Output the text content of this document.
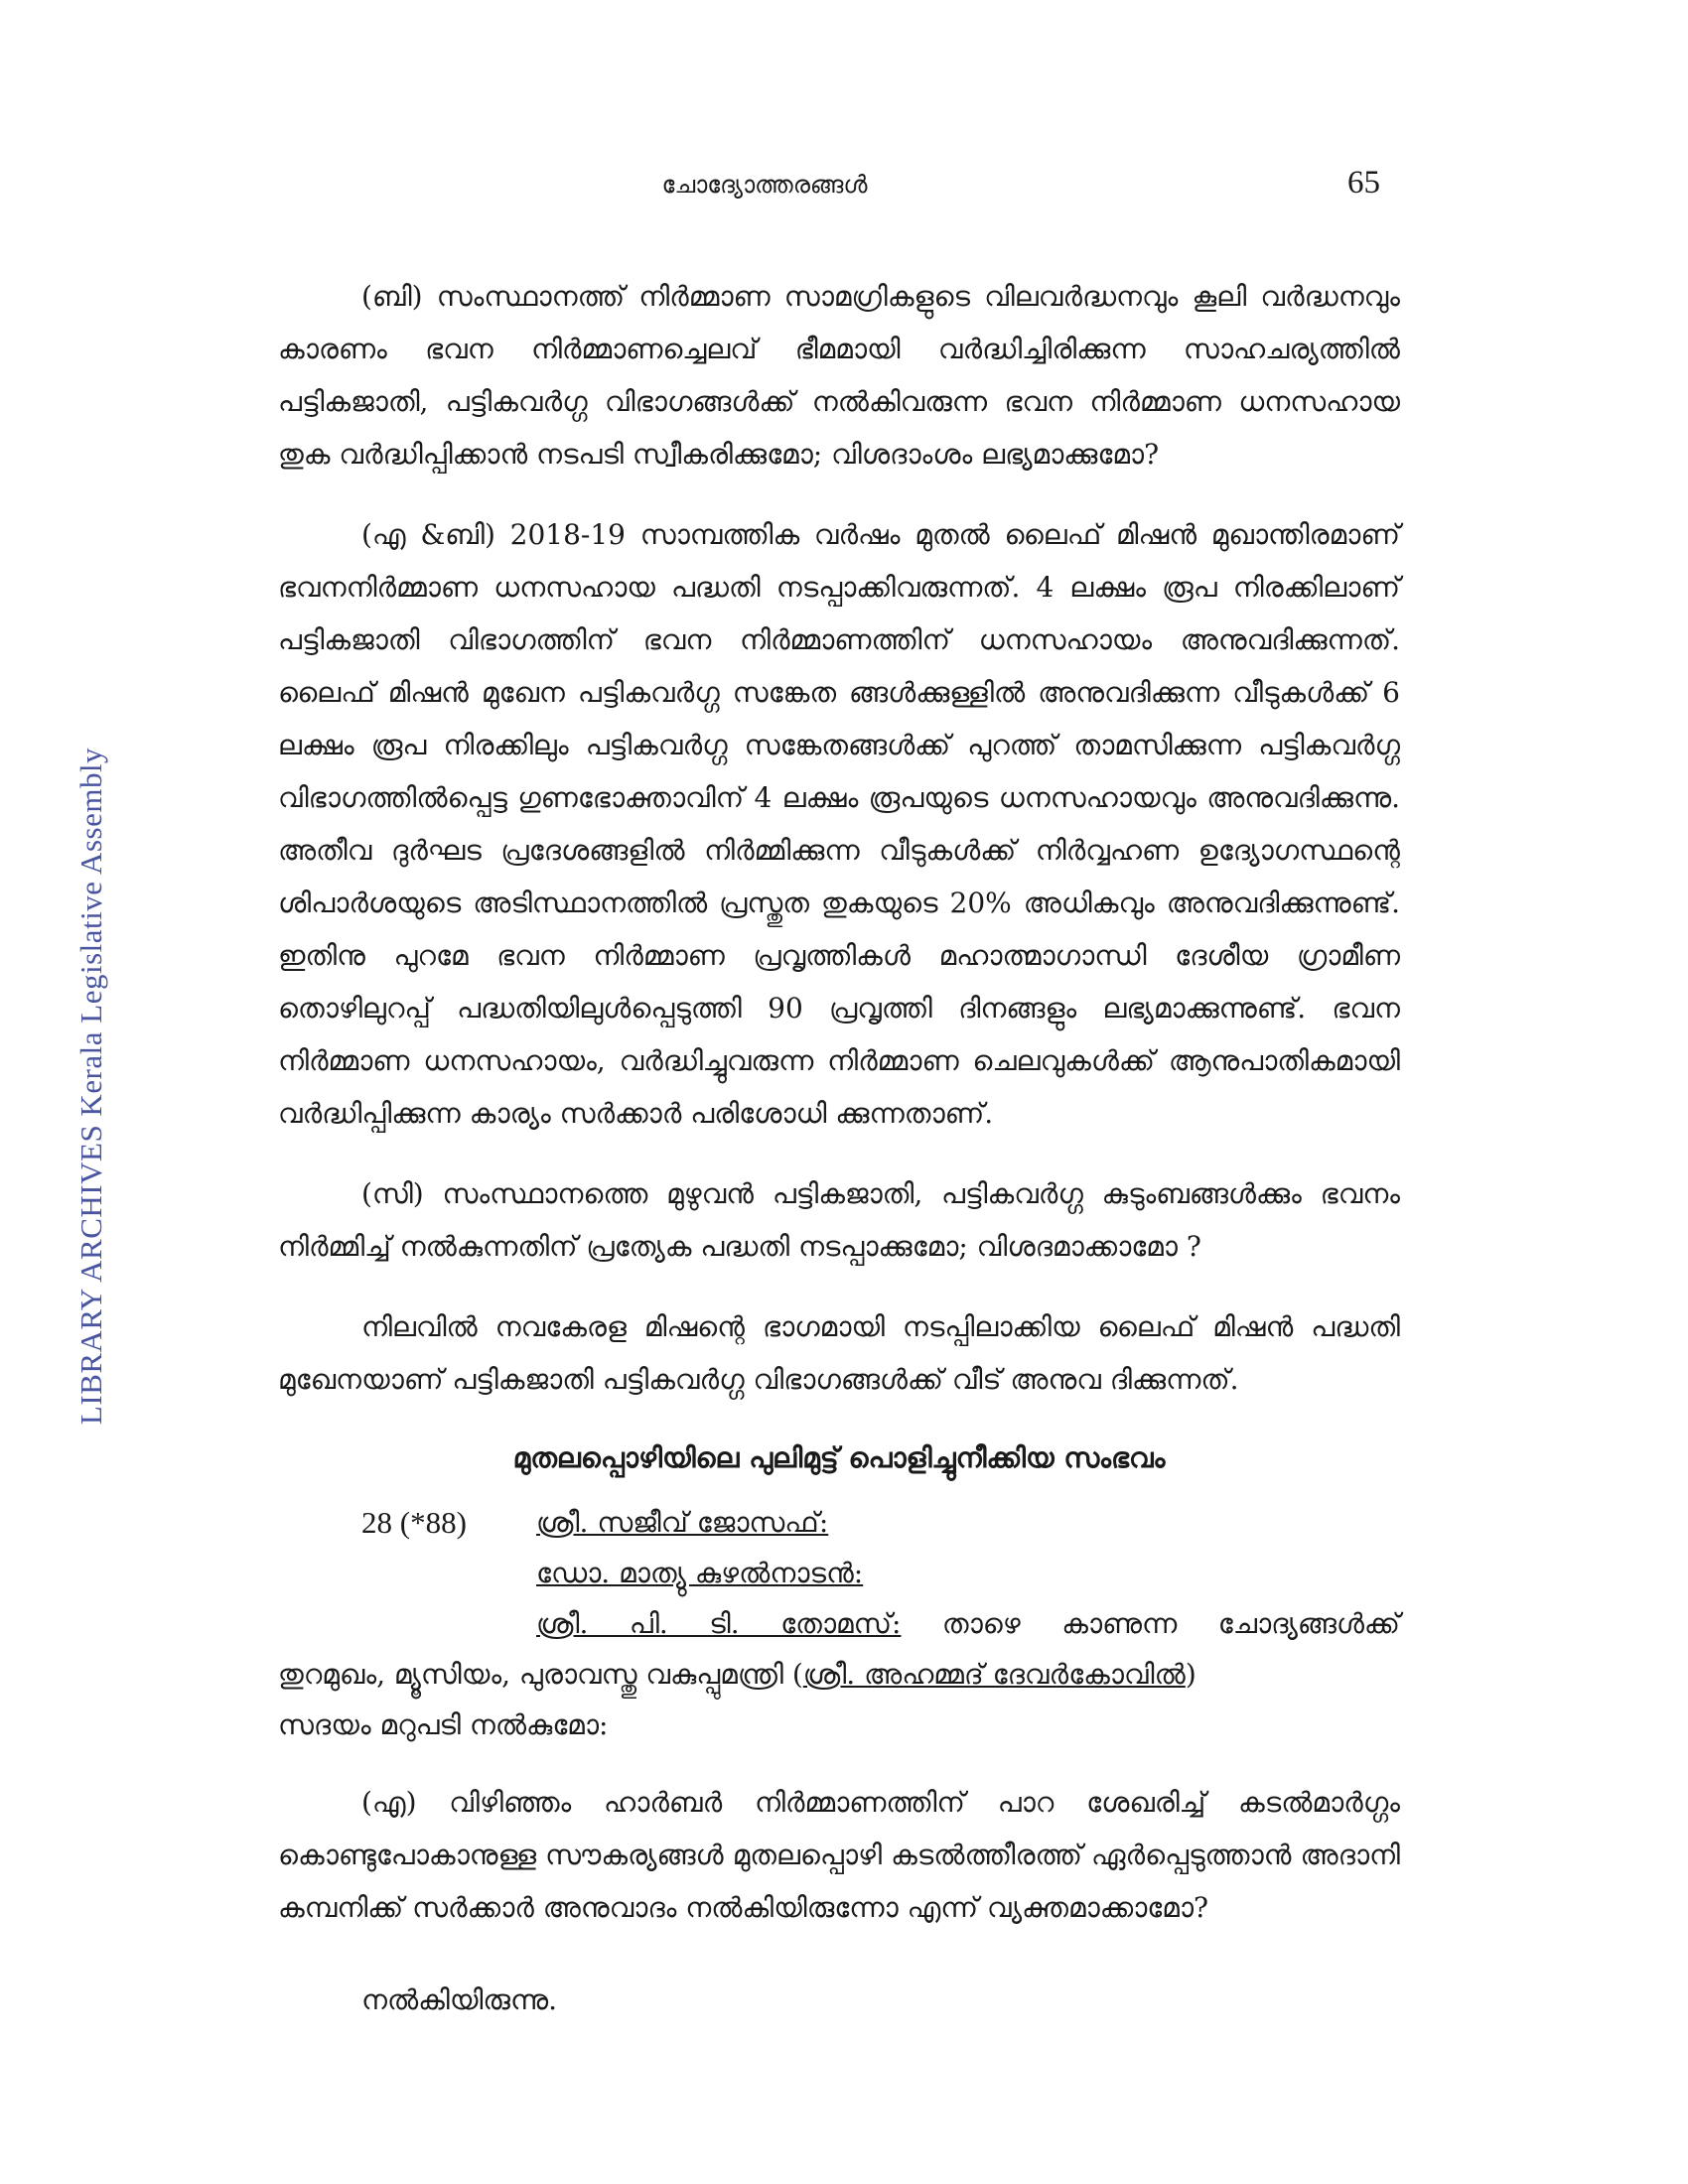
LIBRARY ARCHIVES Kerala Legislative Assembly
ചോദ്യോത്തരങ്ങൾ	65

(ബി) സംസ്ഥാനത്ത് നിർമ്മാണ സാമഗ്രികളുടെ വിലവർദ്ധനവും കൂലി വർദ്ധനവും കാരണം ഭവന നിർമ്മാണച്ചെലവ് ഭീമമായി വർദ്ധിച്ചിരിക്കുന്ന സാഹചര്യത്തിൽ പട്ടികജാതി, പട്ടികവർഗ്ഗ വിഭാഗങ്ങൾക്ക് നൽകിവരുന്ന ഭവന നിർമ്മാണ ധനസഹായ തുക വർദ്ധിപ്പിക്കാൻ നടപടി സ്വീകരിക്കുമോ; വിശദാംശം ലഭ്യമാക്കുമോ?

(എ &ബി) 2018-19 സാമ്പത്തിക വർഷം മുതൽ ലൈഫ് മിഷൻ മുഖാന്തിരമാണ് ഭവനനിർമ്മാണ ധനസഹായ പദ്ധതി നടപ്പാക്കിവരുന്നത്. 4 ലക്ഷം രൂപ നിരക്കിലാണ് പട്ടികജാതി വിഭാഗത്തിന് ഭവന നിർമ്മാണത്തിന് ധനസഹായം അനുവദിക്കുന്നത്. ലൈഫ് മിഷൻ മുഖേന പട്ടികവർഗ്ഗ സങ്കേത ങ്ങൾക്കുള്ളിൽ അനുവദിക്കുന്ന വീടുകൾക്ക് 6 ലക്ഷം രൂപ നിരക്കിലും പട്ടികവർഗ്ഗ സങ്കേതങ്ങൾക്ക് പുറത്ത് താമസിക്കുന്ന പട്ടികവർഗ്ഗ വിഭാഗത്തിൽപ്പെട്ട ഗുണഭോക്താവിന് 4 ലക്ഷം രൂപയുടെ ധനസഹായവും അനുവദിക്കുന്നു. അതീവ ദുർഘട പ്രദേശങ്ങളിൽ നിർമ്മിക്കുന്ന വീടുകൾക്ക് നിർവ്വഹണ ഉദ്യോഗസ്ഥന്റെ ശിപാർശയുടെ അടിസ്ഥാനത്തിൽ പ്രസ്തുത തുകയുടെ 20% അധികവും അനുവദിക്കുന്നുണ്ട്. ഇതിനു പുറമേ ഭവന നിർമ്മാണ പ്രവൃത്തികൾ മഹാത്മാഗാന്ധി ദേശീയ ഗ്രാമീണ തൊഴിലുറപ്പ് പദ്ധതിയിലുൾപ്പെടുത്തി 90 പ്രവൃത്തി ദിനങ്ങളും ലഭ്യമാക്കുന്നുണ്ട്. ഭവന നിർമ്മാണ ധനസഹായം, വർദ്ധിച്ചുവരുന്ന നിർമ്മാണ ചെലവുകൾക്ക് ആനുപാതികമായി വർദ്ധിപ്പിക്കുന്ന കാര്യം സർക്കാർ പരിശോധി ക്കുന്നതാണ്.

(സി) സംസ്ഥാനത്തെ മുഴുവൻ പട്ടികജാതി, പട്ടികവർഗ്ഗ കുടുംബങ്ങൾക്കും ഭവനം നിർമ്മിച്ച് നൽകുന്നതിന് പ്രത്യേക പദ്ധതി നടപ്പാക്കുമോ; വിശദമാക്കാമോ ?

നിലവിൽ നവകേരള മിഷന്റെ ഭാഗമായി നടപ്പിലാക്കിയ ലൈഫ് മിഷൻ പദ്ധതി മുഖേനയാണ് പട്ടികജാതി പട്ടികവർഗ്ഗ വിഭാഗങ്ങൾക്ക് വീട് അനുവ ദിക്കുന്നത്.

മുതലപ്പൊഴിയിലെ പുലിമുട്ട് പൊളിച്ചുനീക്കിയ സംഭവം
28 (*88)	ശ്രീ. സജീവ് ജോസഫ്:
ഡോ. മാത്യു കുഴൽനാടൻ:
ശ്രീ. പി. ടി. തോമസ്: താഴെ കാണുന്ന ചോദ്യങ്ങൾക്ക്

തുറമുഖം, മ്യൂസിയം, പുരാവസ്തു വകുപ്പുമന്ത്രി (ശ്രീ. അഹമ്മദ് ദേവർകോവിൽ)
സദയം മറുപടി നൽകുമോ:

(എ) വിഴിഞ്ഞം ഹാർബർ നിർമ്മാണത്തിന് പാറ ശേഖരിച്ച് കടൽമാർഗ്ഗം കൊണ്ടുപോകാനുള്ള സൗകര്യങ്ങൾ മുതലപ്പൊഴി കടൽത്തീരത്ത് ഏർപ്പെടുത്താൻ അദാനി കമ്പനിക്ക് സർക്കാർ അനുവാദം നൽകിയിരുന്നോ എന്ന് വ്യക്തമാക്കാമോ?

നൽകിയിരുന്നു.
